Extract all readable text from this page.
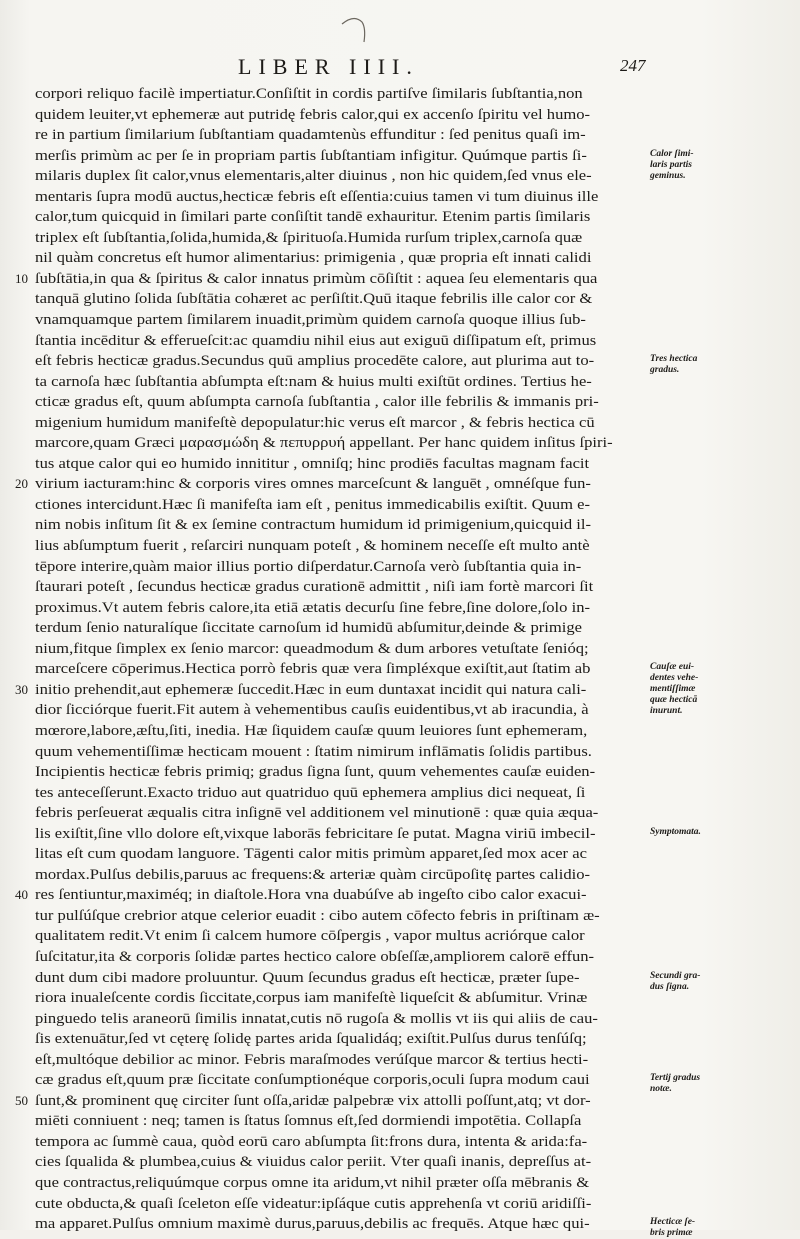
LIBER IIII.	247
corpori reliquo facilè impertiatur.Conſiſtit in cordis partiſve ſimilaris ſubſtantia,non
quidem leuiter,vt ephemeræ aut putridę febris calor,qui ex accenſo ſpiritu vel humo-
re in partium ſimilarium ſubſtantiam quadamtenùs effunditur : ſed penitus quaſi im-
merſis primùm ac per ſe in propriam partis ſubſtantiam infigitur. Quúmque partis ſi-
milaris duplex ſit calor,vnus elementaris,alter diuinus , non hic quidem,ſed vnus ele-
mentaris ſupra modū auctus,hecticæ febris eſt eſſentia:cuius tamen vi tum diuinus ille
calor,tum quicquid in ſimilari parte conſiſtit tandē exhauritur. Etenim partis ſimilaris
triplex eſt ſubſtantia,ſolida,humida,& ſpirituoſa.Humida rurſum triplex,carnoſa quæ
nil quàm concretus eſt humor alimentarius: primigenia , quæ propria eſt innati calidi
10 ſubſtātia,in qua & ſpiritus & calor innatus primùm cōſiſtit : aquea ſeu elementaris qua
tanquā glutino ſolida ſubſtātia cohæret ac perſiſtit.Quū itaque febrilis ille calor cor &
vnamquamque partem ſimilarem inuadit,primùm quidem carnoſa quoque illius ſub-
ſtantia incēditur & efferueſcit:ac quamdiu nihil eius aut exiguū diſſipatum eſt, primus
eſt febris hecticæ gradus.Secundus quū amplius procedēte calore, aut plurima aut to-
ta carnoſa hæc ſubſtantia abſumpta eſt:nam & huius multi exiſtūt ordines. Tertius he-
cticæ gradus eſt, quum abſumpta carnoſa ſubſtantia , calor ille febrilis & immanis pri-
migenium humidum manifeſtè depopulatur:hic verus eſt marcor , & febris hectica cū
marcore,quam Græci μαρασμώδη & πεπυρρυή appellant. Per hanc quidem inſitus ſpiri-
tus atque calor qui eo humido innititur , omniſq; hinc prodiēs facultas magnam facit
20 virium iacturam:hinc & corporis vires omnes marceſcunt & languēt , omnéſque fun-
ctiones intercidunt.Hæc ſi manifeſta iam eſt , penitus immedicabilis exiſtit. Quum e-
nim nobis inſitum ſit & ex ſemine contractum humidum id primigenium,quicquid il-
lius abſumptum fuerit , reſarciri nunquam poteſt , & hominem neceſſe eſt multo antè
tēpore interire,quàm maior illius portio diſperdatur.Carnoſa verò ſubſtantia quia in-
ſtaurari poteſt , ſecundus hecticæ gradus curationē admittit , niſi iam fortè marcori ſit
proximus.Vt autem febris calore,ita etiā ætatis decurſu ſine febre,ſine dolore,ſolo in-
terdum ſenio naturalíque ſiccitate carnoſum id humidū abſumitur,deinde & primige
nium,fitque ſimplex ex ſenio marcor: queadmodum & dum arbores vetuſtate ſenióq;
marceſcere cōperimus.Hectica porrò febris quæ vera ſimpléxque exiſtit,aut ſtatim ab
30 initio prehendit,aut ephemeræ ſuccedit.Hæc in eum duntaxat incidit qui natura cali-
dior ſicciórque fuerit.Fit autem à vehementibus cauſis euidentibus,vt ab iracundia, à
mœrore,labore,æſtu,ſiti, inedia. Hæ ſiquidem cauſæ quum leuiores ſunt ephemeram,
quum vehementiſſimæ hecticam mouent : ſtatim nimirum inflāmatis ſolidis partibus.
Incipientis hecticæ febris primiq; gradus ſigna ſunt, quum vehementes cauſæ euiden-
tes anteceſſerunt.Exacto triduo aut quatriduo quū ephemera amplius dici nequeat, ſi
febris perſeuerat æqualis citra inſignē vel additionem vel minutionē : quæ quia æqua-
lis exiſtit,ſine vllo dolore eſt,vixque laborās febricitare ſe putat. Magna viriū imbecil-
litas eſt cum quodam languore. Tāgenti calor mitis primùm apparet,ſed mox acer ac
mordax.Pulſus debilis,paruus ac frequens:& arteriæ quàm circūpoſitę partes calidio-
40 res ſentiuntur,maximéq; in diaſtole.Hora vna duabúſve ab ingeſto cibo calor exacui-
tur pulſúſque crebrior atque celerior euadit : cibo autem cōfecto febris in priſtinam æ-
qualitatem redit.Vt enim ſi calcem humore cōſpergis , vapor multus acriórque calor
ſuſcitatur,ita & corporis ſolidæ partes hectico calore obſeſſæ,ampliorem calorē effun-
dunt dum cibi madore proluuntur. Quum ſecundus gradus eſt hecticæ, præter ſupe-
riora inualeſcente cordis ſiccitate,corpus iam manifeſtè liqueſcit & abſumitur. Vrinæ
pinguedo telis araneorū ſimilis innatat,cutis nō rugoſa & mollis vt iis qui aliis de cau-
ſis extenuātur,ſed vt cęterę ſolidę partes arida ſqualidáq; exiſtit.Pulſus durus tenſúſq;
eſt,multóque debilior ac minor. Febris maraſmodes verúſque marcor & tertius hecti-
cæ gradus eſt,quum præ ſiccitate conſumptionéque corporis,oculi ſupra modum caui
50 ſunt,& prominent quę circiter ſunt oſſa,aridæ palpebræ vix attolli poſſunt,atq; vt dor-
miēti conniuent : neq; tamen is ſtatus ſomnus eſt,ſed dormiendi impotētia. Collapſa
tempora ac ſummè caua, quòd eorū caro abſumpta ſit:frons dura, intenta & arida:fa-
cies ſqualida & plumbea,cuius & viuidus calor periit. Vter quaſi inanis, depreſſus at-
que contractus,reliquúmque corpus omne ita aridum,vt nihil præter oſſa mēbranis &
cute obducta,& quaſi ſceleton eſſe videatur:ipſáque cutis apprehenſa vt coriū aridiſſi-
ma apparet.Pulſus omnium maximè durus,paruus,debilis ac frequēs. Atque hæc qui-
Calor ſimi-
laris partis
geminus.
Tres hectica
gradus.
Cauſæ eui-
dentes vehe-
mentiſſimæ
quæ hecticā
inurunt.
Symptomata.
Secundi gra-
dus ſigna.
Tertij gradus
notæ.
Hecticæ ſe-
bris primæ
